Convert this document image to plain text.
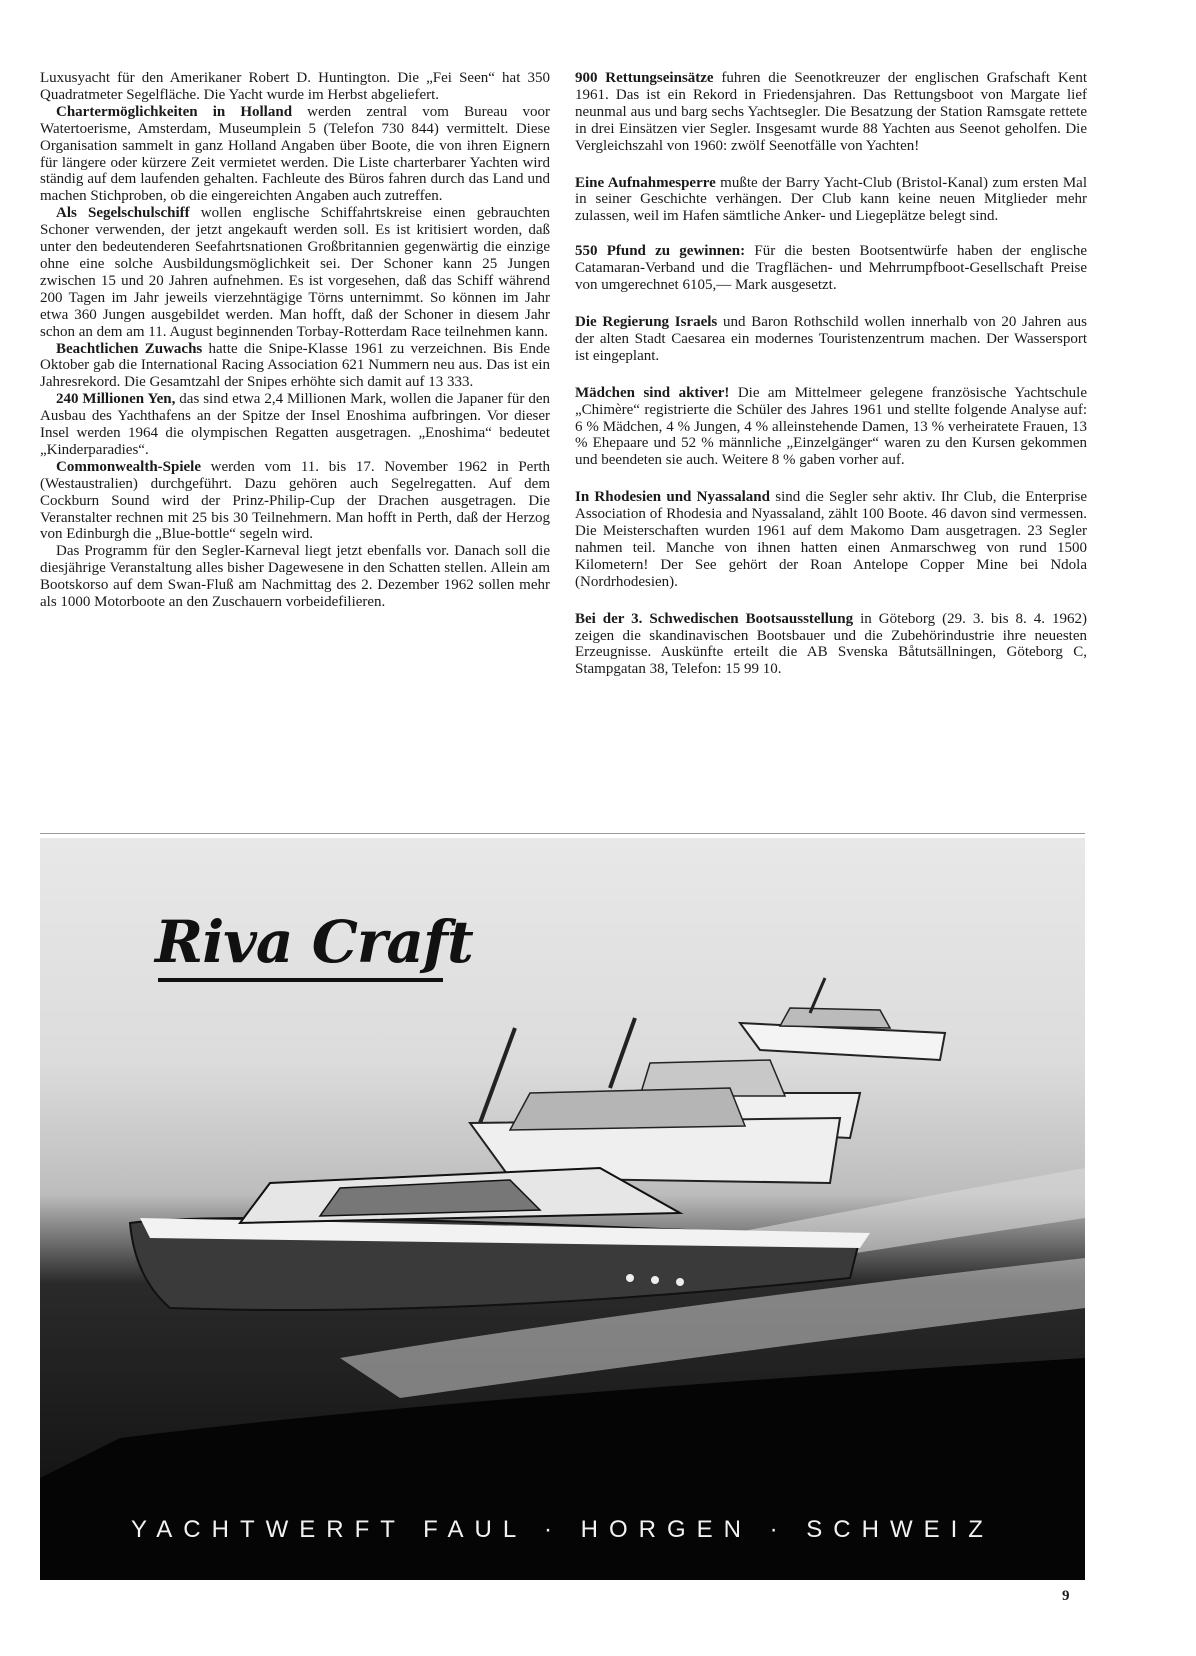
Luxusyacht für den Amerikaner Robert D. Huntington. Die „Fei Seen“ hat 350 Quadratmeter Segelfläche. Die Yacht wurde im Herbst abgeliefert.

Chartermöglichkeiten in Holland werden zentral vom Bureau voor Watertoerisme, Amsterdam, Museumplein 5 (Telefon 730 844) vermittelt. Diese Organisation sammelt in ganz Holland Angaben über Boote, die von ihren Eignern für längere oder kürzere Zeit vermietet werden. Die Liste charterbarer Yachten wird ständig auf dem laufenden gehalten. Fachleute des Büros fahren durch das Land und machen Stichproben, ob die eingereichten Angaben auch zutreffen.

Als Segelschulschiff wollen englische Schiffahrtskreise einen gebrauchten Schoner verwenden, der jetzt angekauft werden soll. Es ist kritisiert worden, daß unter den bedeutenderen Seefahrtsnationen Großbritannien gegenwärtig die einzige ohne eine solche Ausbildungsmöglichkeit sei. Der Schoner kann 25 Jungen zwischen 15 und 20 Jahren aufnehmen. Es ist vorgesehen, daß das Schiff während 200 Tagen im Jahr jeweils vierzehntägige Törns unternimmt. So können im Jahr etwa 360 Jungen ausgebildet werden. Man hofft, daß der Schoner in diesem Jahr schon an dem am 11. August beginnenden Torbay-Rotterdam Race teilnehmen kann.

Beachtlichen Zuwachs hatte die Snipe-Klasse 1961 zu verzeichnen. Bis Ende Oktober gab die International Racing Association 621 Nummern neu aus. Das ist ein Jahresrekord. Die Gesamtzahl der Snipes erhöhte sich damit auf 13 333.

240 Millionen Yen, das sind etwa 2,4 Millionen Mark, wollen die Japaner für den Ausbau des Yachthafens an der Spitze der Insel Enoshima aufbringen. Vor dieser Insel werden 1964 die olympischen Regatten ausgetragen. „Enoshima“ bedeutet „Kinderparadies“.

Commonwealth-Spiele werden vom 11. bis 17. November 1962 in Perth (Westaustralien) durchgeführt. Dazu gehören auch Segelregatten. Auf dem Cockburn Sound wird der Prinz-Philip-Cup der Drachen ausgetragen. Die Veranstalter rechnen mit 25 bis 30 Teilnehmern. Man hofft in Perth, daß der Herzog von Edinburgh die „Blue-bottle“ segeln wird.

Das Programm für den Segler-Karneval liegt jetzt ebenfalls vor. Danach soll die diesjährige Veranstaltung alles bisher Dagewesene in den Schatten stellen. Allein am Bootskorso auf dem Swan-Fluß am Nachmittag des 2. Dezember 1962 sollen mehr als 1000 Motorboote an den Zuschauern vorbeidefilieren.

900 Rettungseinsätze fuhren die Seenotkreuzer der englischen Grafschaft Kent 1961. Das ist ein Rekord in Friedensjahren. Das Rettungsboot von Margate lief neunmal aus und barg sechs Yachtsegler. Die Besatzung der Station Ramsgate rettete in drei Einsätzen vier Segler. Insgesamt wurde 88 Yachten aus Seenot geholfen. Die Vergleichszahl von 1960: zwölf Seenotfälle von Yachten!

Eine Aufnahmesperre mußte der Barry Yacht-Club (Bristol-Kanal) zum ersten Mal in seiner Geschichte verhängen. Der Club kann keine neuen Mitglieder mehr zulassen, weil im Hafen sämtliche Anker- und Liegeplätze belegt sind.

550 Pfund zu gewinnen: Für die besten Bootsentwürfe haben der englische Catamaran-Verband und die Tragflächen- und Mehrrumpfboot-Gesellschaft Preise von umgerechnet 6105,— Mark ausgesetzt.

Die Regierung Israels und Baron Rothschild wollen innerhalb von 20 Jahren aus der alten Stadt Caesarea ein modernes Touristenzentrum machen. Der Wassersport ist eingeplant.

Mädchen sind aktiver! Die am Mittelmeer gelegene französische Yachtschule „Chimère“ registrierte die Schüler des Jahres 1961 und stellte folgende Analyse auf: 6 % Mädchen, 4 % Jungen, 4 % alleinstehende Damen, 13 % verheiratete Frauen, 13 % Ehepaare und 52 % männliche „Einzelgänger“ waren zu den Kursen gekommen und beendeten sie auch. Weitere 8 % gaben vorher auf.

In Rhodesien und Nyassaland sind die Segler sehr aktiv. Ihr Club, die Enterprise Association of Rhodesia and Nyassaland, zählt 100 Boote. 46 davon sind vermessen. Die Meisterschaften wurden 1961 auf dem Makomo Dam ausgetragen. 23 Segler nahmen teil. Manche von ihnen hatten einen Anmarschweg von rund 1500 Kilometern! Der See gehört der Roan Antelope Copper Mine bei Ndola (Nordrhodesien).

Bei der 3. Schwedischen Bootsausstellung in Göteborg (29. 3. bis 8. 4. 1962) zeigen die skandinavischen Bootsbauer und die Zubehörindustrie ihre neuesten Erzeugnisse. Auskünfte erteilt die AB Svenska Båtutsällningen, Göteborg C, Stampgatan 38, Telefon: 15 99 10.

Riva Craft
YACHTWERFT FAUL · HORGEN · SCHWEIZ
9
